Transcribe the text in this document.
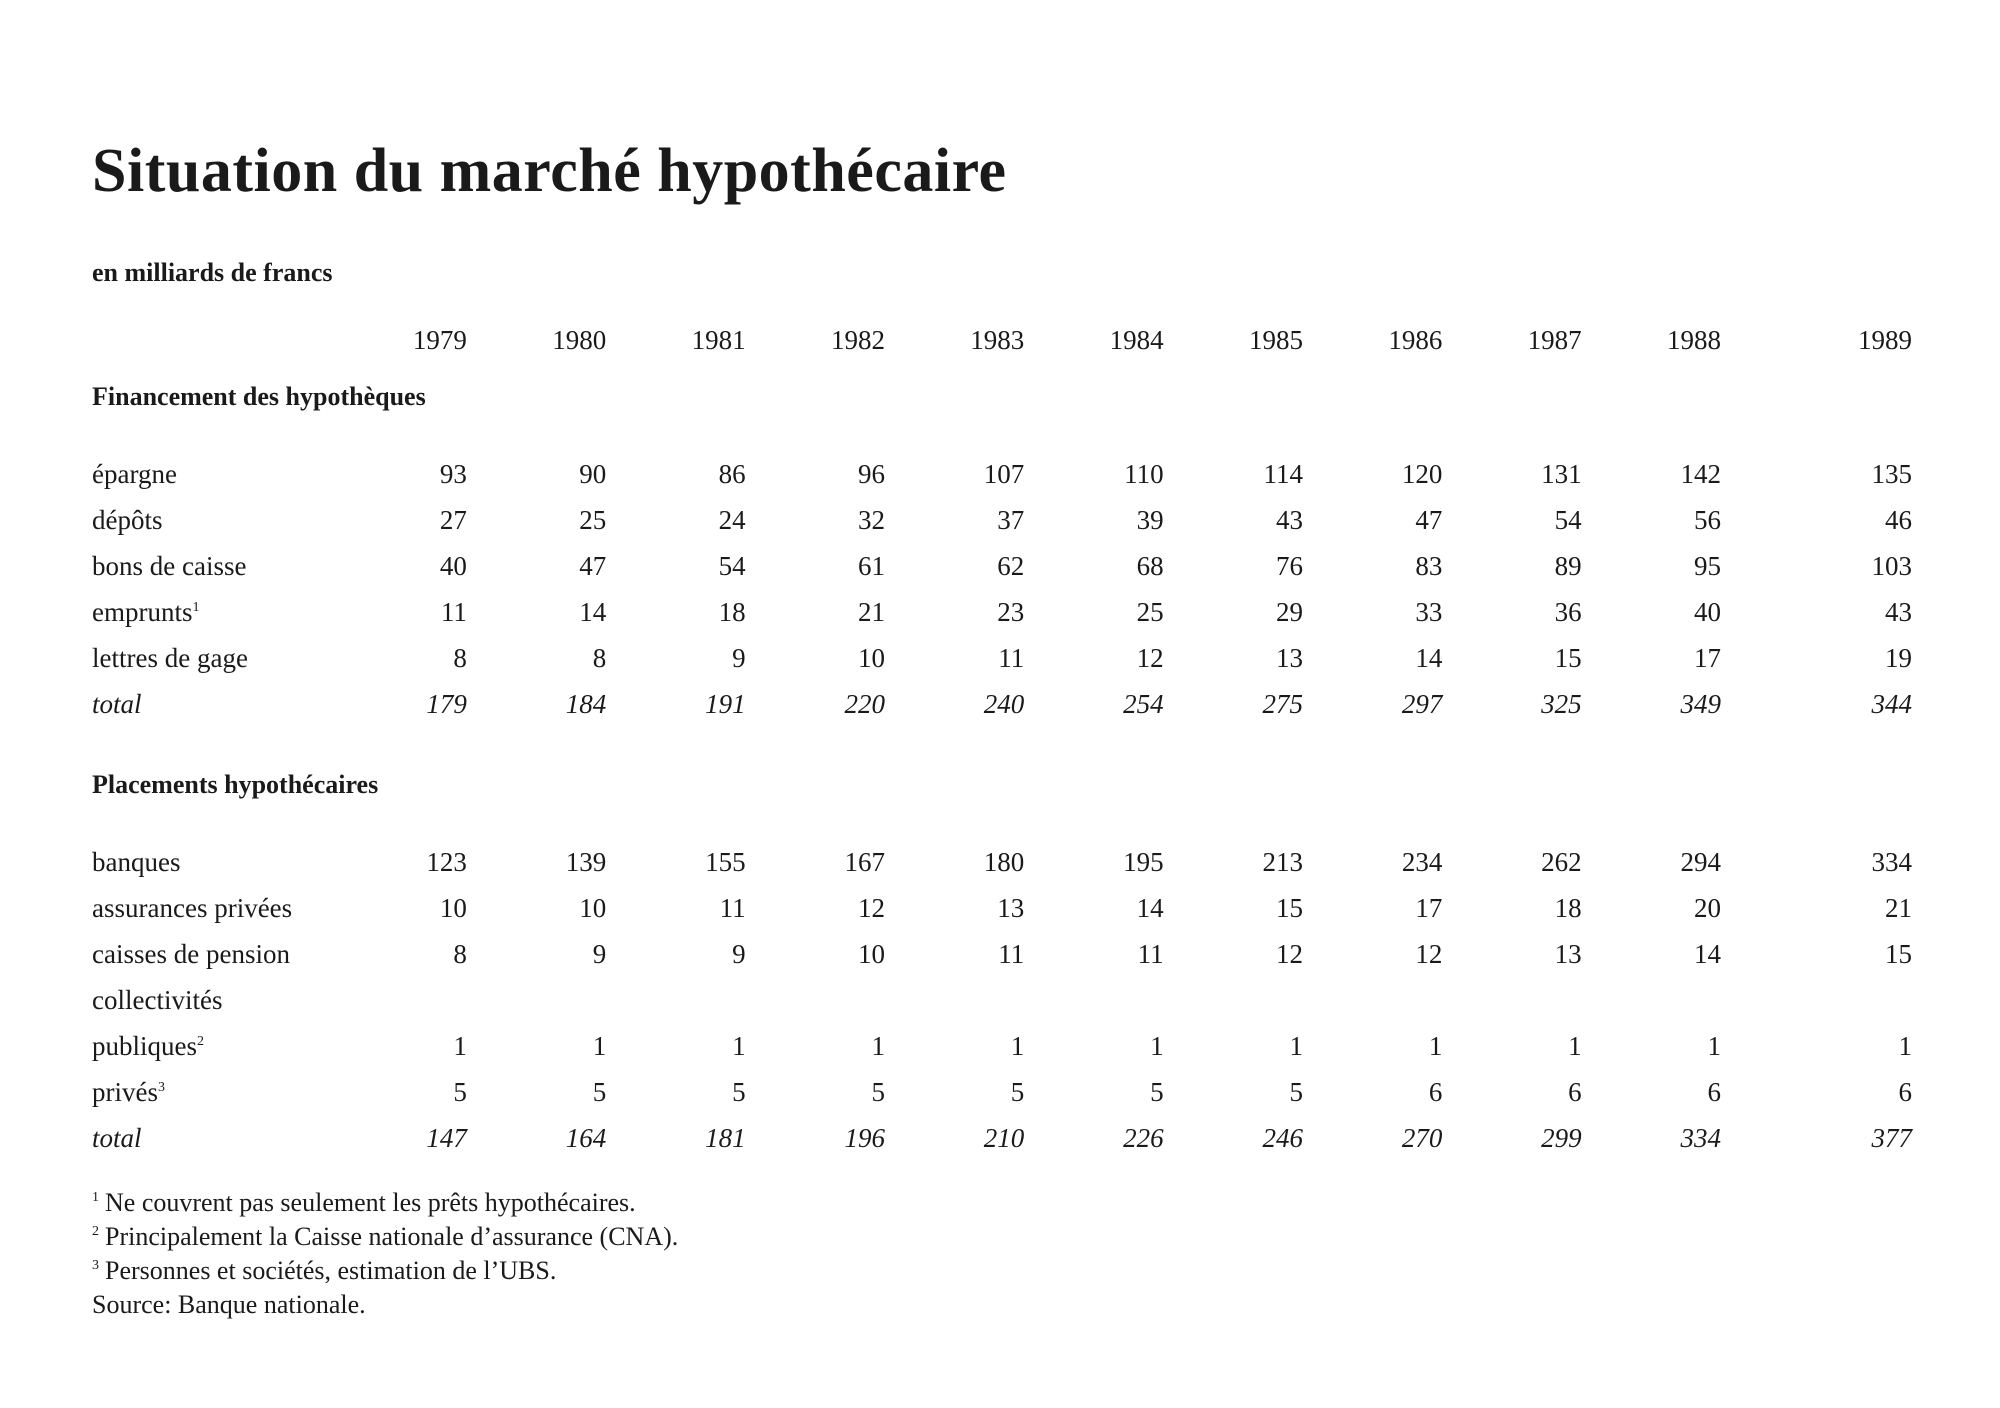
Situation du marché hypothécaire
en milliards de francs
	1979	1980	1981	1982	1983	1984	1985	1986	1987	1988	1989
Financement des hypothèques											

épargne	93	90	86	96	107	110	114	120	131	142	135
dépôts	27	25	24	32	37	39	43	47	54	56	46
bons de caisse	40	47	54	61	62	68	76	83	89	95	103
emprunts$^1$	11	14	18	21	23	25	29	33	36	40	43
lettres de gage	8	8	9	10	11	12	13	14	15	17	19
total	179	184	191	220	240	254	275	297	325	349	344

Placements hypothécaires											

banques	123	139	155	167	180	195	213	234	262	294	334
assurances privées	10	10	11	12	13	14	15	17	18	20	21
caisses de pension	8	9	9	10	11	11	12	12	13	14	15
collectivités											
publiques$^2$	1	1	1	1	1	1	1	1	1	1	1
privés$^3$	5	5	5	5	5	5	5	6	6	6	6
total	147	164	181	196	210	226	246	270	299	334	377
$^1$ Ne couvrent pas seulement les prêts hypothécaires.
$^2$ Principalement la Caisse nationale d’assurance (CNA).
$^3$ Personnes et sociétés, estimation de l’UBS.
Source: Banque nationale.
